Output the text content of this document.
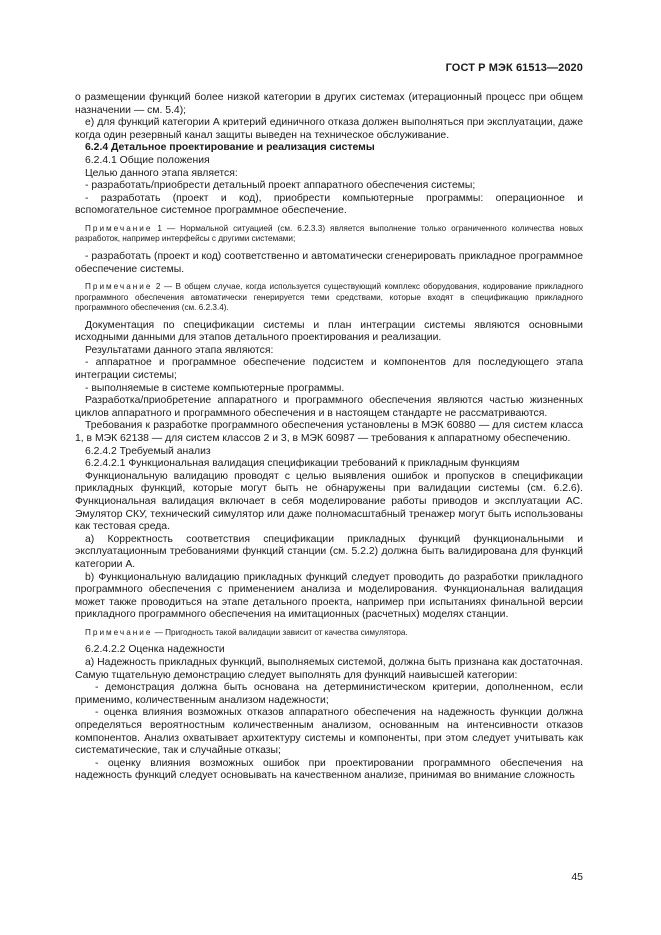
ГОСТ Р МЭК 61513—2020

о размещении функций более низкой категории в других системах (итерационный процесс при общем назначении — см. 5.4);

e) для функций категории А критерий единичного отказа должен выполняться при эксплуатации, даже когда один резервный канал защиты выведен на техническое обслуживание.

6.2.4 Детальное проектирование и реализация системы

6.2.4.1 Общие положения

Целью данного этапа является:

- разработать/приобрести детальный проект аппаратного обеспечения системы;

- разработать (проект и код), приобрести компьютерные программы: операционное и вспомогательное системное программное обеспечение.

Примечание 1 — Нормальной ситуацией (см. 6.2.3.3) является выполнение только ограниченного количества новых разработок, например интерфейсы с другими системами;

- разработать (проект и код) соответственно и автоматически сгенерировать прикладное программное обеспечение системы.

Примечание 2 — В общем случае, когда используется существующий комплекс оборудования, кодирование прикладного программного обеспечения автоматически генерируется теми средствами, которые входят в спецификацию прикладного программного обеспечения (см. 6.2.3.4).

Документация по спецификации системы и план интеграции системы являются основными исходными данными для этапов детального проектирования и реализации.

Результатами данного этапа являются:

- аппаратное и программное обеспечение подсистем и компонентов для последующего этапа интеграции системы;

- выполняемые в системе компьютерные программы.

Разработка/приобретение аппаратного и программного обеспечения являются частью жизненных циклов аппаратного и программного обеспечения и в настоящем стандарте не рассматриваются.

Требования к разработке программного обеспечения установлены в МЭК 60880 — для систем класса 1, в МЭК 62138 — для систем классов 2 и 3, в МЭК 60987 — требования к аппаратному обеспечению.

6.2.4.2 Требуемый анализ

6.2.4.2.1 Функциональная валидация спецификации требований к прикладным функциям

Функциональную валидацию проводят с целью выявления ошибок и пропусков в спецификации прикладных функций, которые могут быть не обнаружены при валидации системы (см. 6.2.6). Функциональная валидация включает в себя моделирование работы приводов и эксплуатации АС. Эмулятор СКУ, технический симулятор или даже полномасштабный тренажер могут быть использованы как тестовая среда.

a) Корректность соответствия спецификации прикладных функций функциональными и эксплуатационным требованиями функций станции (см. 5.2.2) должна быть валидирована для функций категории А.

b) Функциональную валидацию прикладных функций следует проводить до разработки прикладного программного обеспечения с применением анализа и моделирования. Функциональная валидация может также проводиться на этапе детального проекта, например при испытаниях финальной версии прикладного программного обеспечения на имитационных (расчетных) моделях станции.

Примечание — Пригодность такой валидации зависит от качества симулятора.

6.2.4.2.2 Оценка надежности

a) Надежность прикладных функций, выполняемых системой, должна быть признана как достаточная. Самую тщательную демонстрацию следует выполнять для функций наивысшей категории:

- демонстрация должна быть основана на детерминистическом критерии, дополненном, если применимо, количественным анализом надежности;

- оценка влияния возможных отказов аппаратного обеспечения на надежность функции должна определяться вероятностным количественным анализом, основанным на интенсивности отказов компонентов. Анализ охватывает архитектуру системы и компоненты, при этом следует учитывать как систематические, так и случайные отказы;

- оценку влияния возможных ошибок при проектировании программного обеспечения на надежность функций следует основывать на качественном анализе, принимая во внимание сложность

45
